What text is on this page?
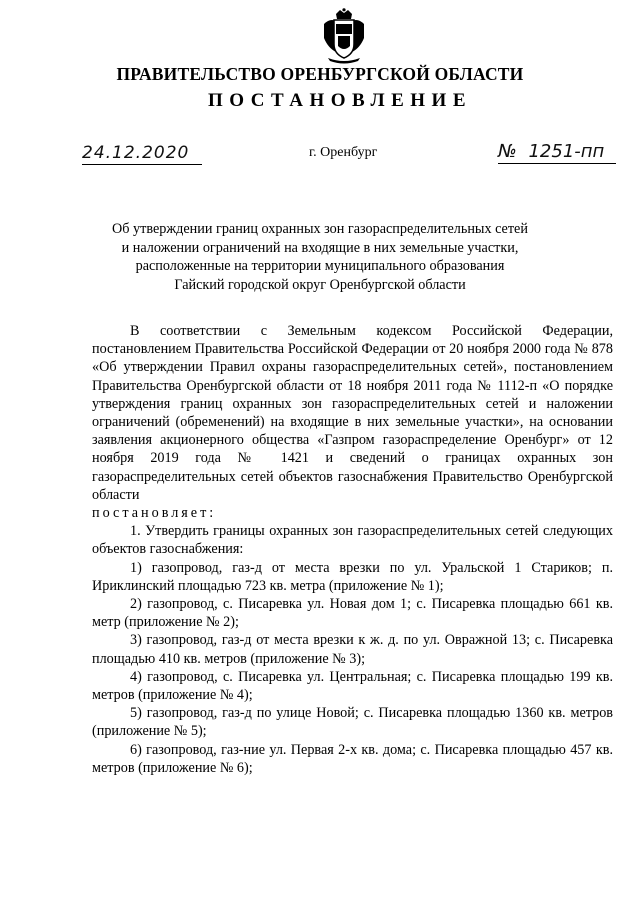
ПРАВИТЕЛЬСТВО ОРЕНБУРГСКОЙ ОБЛАСТИ
ПОСТАНОВЛЕНИЕ
24.12.2020	г. Оренбург	№ 1251-пп
Об утверждении границ охранных зон газораспределительных сетей
и наложении ограничений на входящие в них земельные участки,
расположенные на территории муниципального образования
Гайский городской округ Оренбургской области

В соответствии с Земельным кодексом Российской Федерации, постановлением Правительства Российской Федерации от 20 ноября 2000 года № 878 «Об утверждении Правил охраны газораспределительных сетей», постановлением Правительства Оренбургской области от 18 ноября 2011 года № 1112-п «О порядке утверждения границ охранных зон газораспределительных сетей и наложении ограничений (обременений) на входящие в них земельные участки», на основании заявления акционерного общества «Газпром газораспределение Оренбург» от 12 ноября 2019 года № 1421 и сведений о границах охранных зон газораспределительных сетей объектов газоснабжения Правительство Оренбургской области

постановляет:

1. Утвердить границы охранных зон газораспределительных сетей следующих объектов газоснабжения:

1) газопровод, газ-д от места врезки по ул. Уральской 1 Стариков; п. Ириклинский площадью 723 кв. метра (приложение № 1);

2) газопровод, с. Писаревка ул. Новая дом 1; с. Писаревка площадью 661 кв. метр (приложение № 2);

3) газопровод, газ-д от места врезки к ж. д. по ул. Овражной 13; с. Писаревка площадью 410 кв. метров (приложение № 3);

4) газопровод, с. Писаревка ул. Центральная; с. Писаревка площадью 199 кв. метров (приложение № 4);

5) газопровод, газ-д по улице Новой; с. Писаревка площадью 1360 кв. метров (приложение № 5);

6) газопровод, газ-ние ул. Первая 2-х кв. дома; с. Писаревка площадью 457 кв. метров (приложение № 6);
